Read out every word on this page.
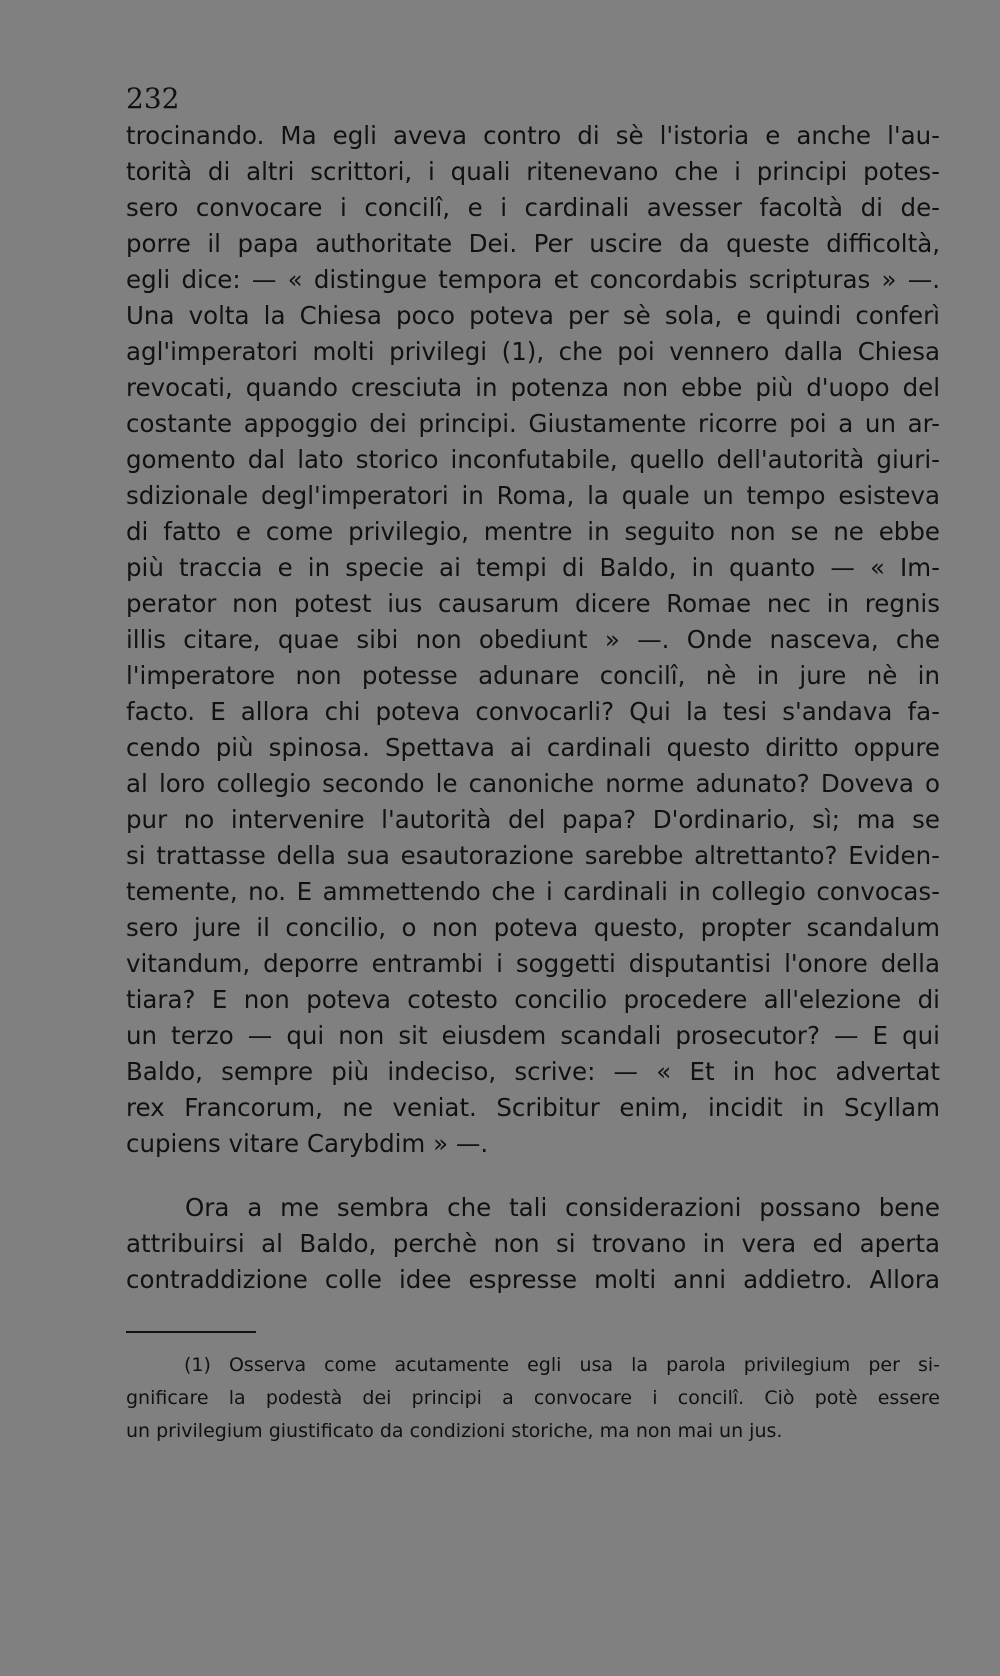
232
trocinando. Ma egli aveva contro di sè l'istoria e anche l'au-
torità di altri scrittori, i quali ritenevano che i principi potes-
sero convocare i concilî, e i cardinali avesser facoltà di de-
porre il papa authoritate Dei. Per uscire da queste difficoltà,
egli dice: — « distingue tempora et concordabis scripturas » —.
Una volta la Chiesa poco poteva per sè sola, e quindi conferì
agl'imperatori molti privilegi (1), che poi vennero dalla Chiesa
revocati, quando cresciuta in potenza non ebbe più d'uopo del
costante appoggio dei principi. Giustamente ricorre poi a un ar-
gomento dal lato storico inconfutabile, quello dell'autorità giuri-
sdizionale degl'imperatori in Roma, la quale un tempo esisteva
di fatto e come privilegio, mentre in seguito non se ne ebbe
più traccia e in specie ai tempi di Baldo, in quanto — « Im-
perator non potest ius causarum dicere Romae nec in regnis
illis citare, quae sibi non obediunt » —. Onde nasceva, che
l'imperatore non potesse adunare concilî, nè in jure nè in
facto. E allora chi poteva convocarli? Qui la tesi s'andava fa-
cendo più spinosa. Spettava ai cardinali questo diritto oppure
al loro collegio secondo le canoniche norme adunato? Doveva o
pur no intervenire l'autorità del papa? D'ordinario, sì; ma se
si trattasse della sua esautorazione sarebbe altrettanto? Eviden-
temente, no. E ammettendo che i cardinali in collegio convocas-
sero jure il concilio, o non poteva questo, propter scandalum
vitandum, deporre entrambi i soggetti disputantisi l'onore della
tiara? E non poteva cotesto concilio procedere all'elezione di
un terzo — qui non sit eiusdem scandali prosecutor? — E qui
Baldo, sempre più indeciso, scrive: — « Et in hoc advertat
rex Francorum, ne veniat. Scribitur enim, incidit in Scyllam
cupiens vitare Carybdim » —.
Ora a me sembra che tali considerazioni possano bene
attribuirsi al Baldo, perchè non si trovano in vera ed aperta
contraddizione colle idee espresse molti anni addietro. Allora
(1) Osserva come acutamente egli usa la parola privilegium per si-
gnificare la podestà dei principi a convocare i concilî. Ciò potè essere
un privilegium giustificato da condizioni storiche, ma non mai un jus.
